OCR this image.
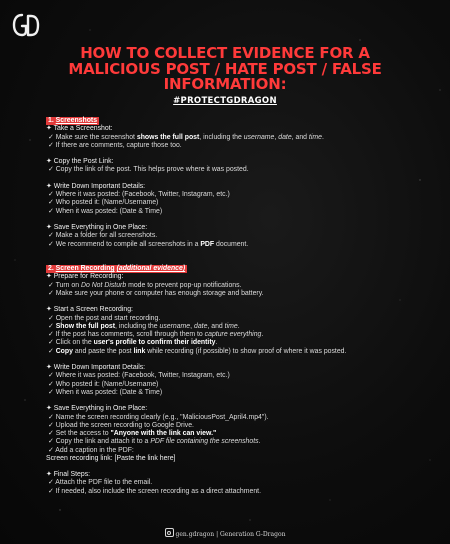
HOW TO COLLECT EVIDENCE FOR A
MALICIOUS POST / HATE POST / FALSE
INFORMATION:
#PROTECTGDRAGON
1. Screenshots
✦ Take a Screenshot:
✓ Make sure the screenshot shows the full post, including the username, date, and time.
✓ If there are comments, capture those too.
✦ Copy the Post Link:
✓ Copy the link of the post. This helps prove where it was posted.
✦ Write Down Important Details:
✓ Where it was posted: (Facebook, Twitter, Instagram, etc.)
✓ Who posted it: (Name/Username)
✓ When it was posted: (Date & Time)
✦ Save Everything in One Place:
✓ Make a folder for all screenshots.
✓ We recommend to compile all screenshots in a PDF document.
2. Screen Recording (additional evidence)
✦ Prepare for Recording:
✓ Turn on Do Not Disturb mode to prevent pop-up notifications.
✓ Make sure your phone or computer has enough storage and battery.
✦ Start a Screen Recording:
✓ Open the post and start recording.
✓ Show the full post, including the username, date, and time.
✓ If the post has comments, scroll through them to capture everything.
✓ Click on the user's profile to confirm their identity.
✓ Copy and paste the post link while recording (if possible) to show proof of where it was posted.
✦ Write Down Important Details:
✓ Where it was posted: (Facebook, Twitter, Instagram, etc.)
✓ Who posted it: (Name/Username)
✓ When it was posted: (Date & Time)
✦ Save Everything in One Place:
✓ Name the screen recording clearly (e.g., "MaliciousPost_April4.mp4").
✓ Upload the screen recording to Google Drive.
✓ Set the access to "Anyone with the link can view."
✓ Copy the link and attach it to a PDF file containing the screenshots.
✓ Add a caption in the PDF:
Screen recording link: [Paste the link here]
✦ Final Steps:
✓ Attach the PDF file to the email.
✓ If needed, also include the screen recording as a direct attachment.
gen.gdragon | Generation G-Dragon
